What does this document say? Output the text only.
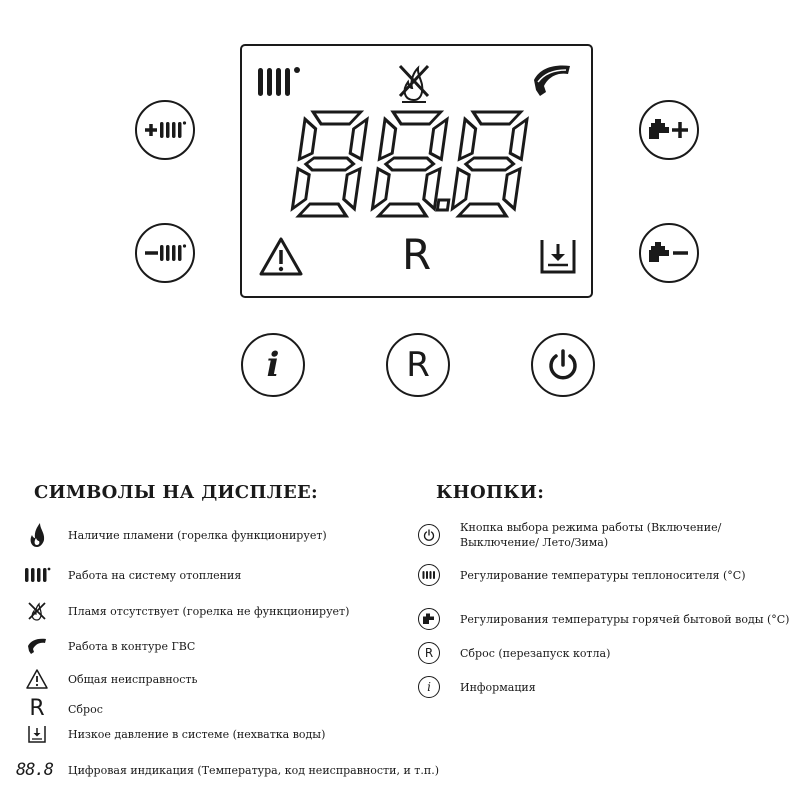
R
i	R
СИМВОЛЫ НА ДИСПЛЕЕ:
Наличие пламени (горелка функционирует)
Работа на систему отопления
Пламя отсутствует (горелка не функционирует)
Работа в контуре ГВС
Общая неисправность
R Сброс
Низкое давление в системе (нехватка воды)
88.8 Цифровая индикация (Температура, код неисправности, и т.п.)
КНОПКИ:
Кнопка выбора режима работы (Включение/ Выключение/ Лето/Зима)
Регулирование температуры теплоносителя (°С)
Регулирования температуры горячей бытовой воды (°С)
R Сброс (перезапуск котла)
i	Информация
